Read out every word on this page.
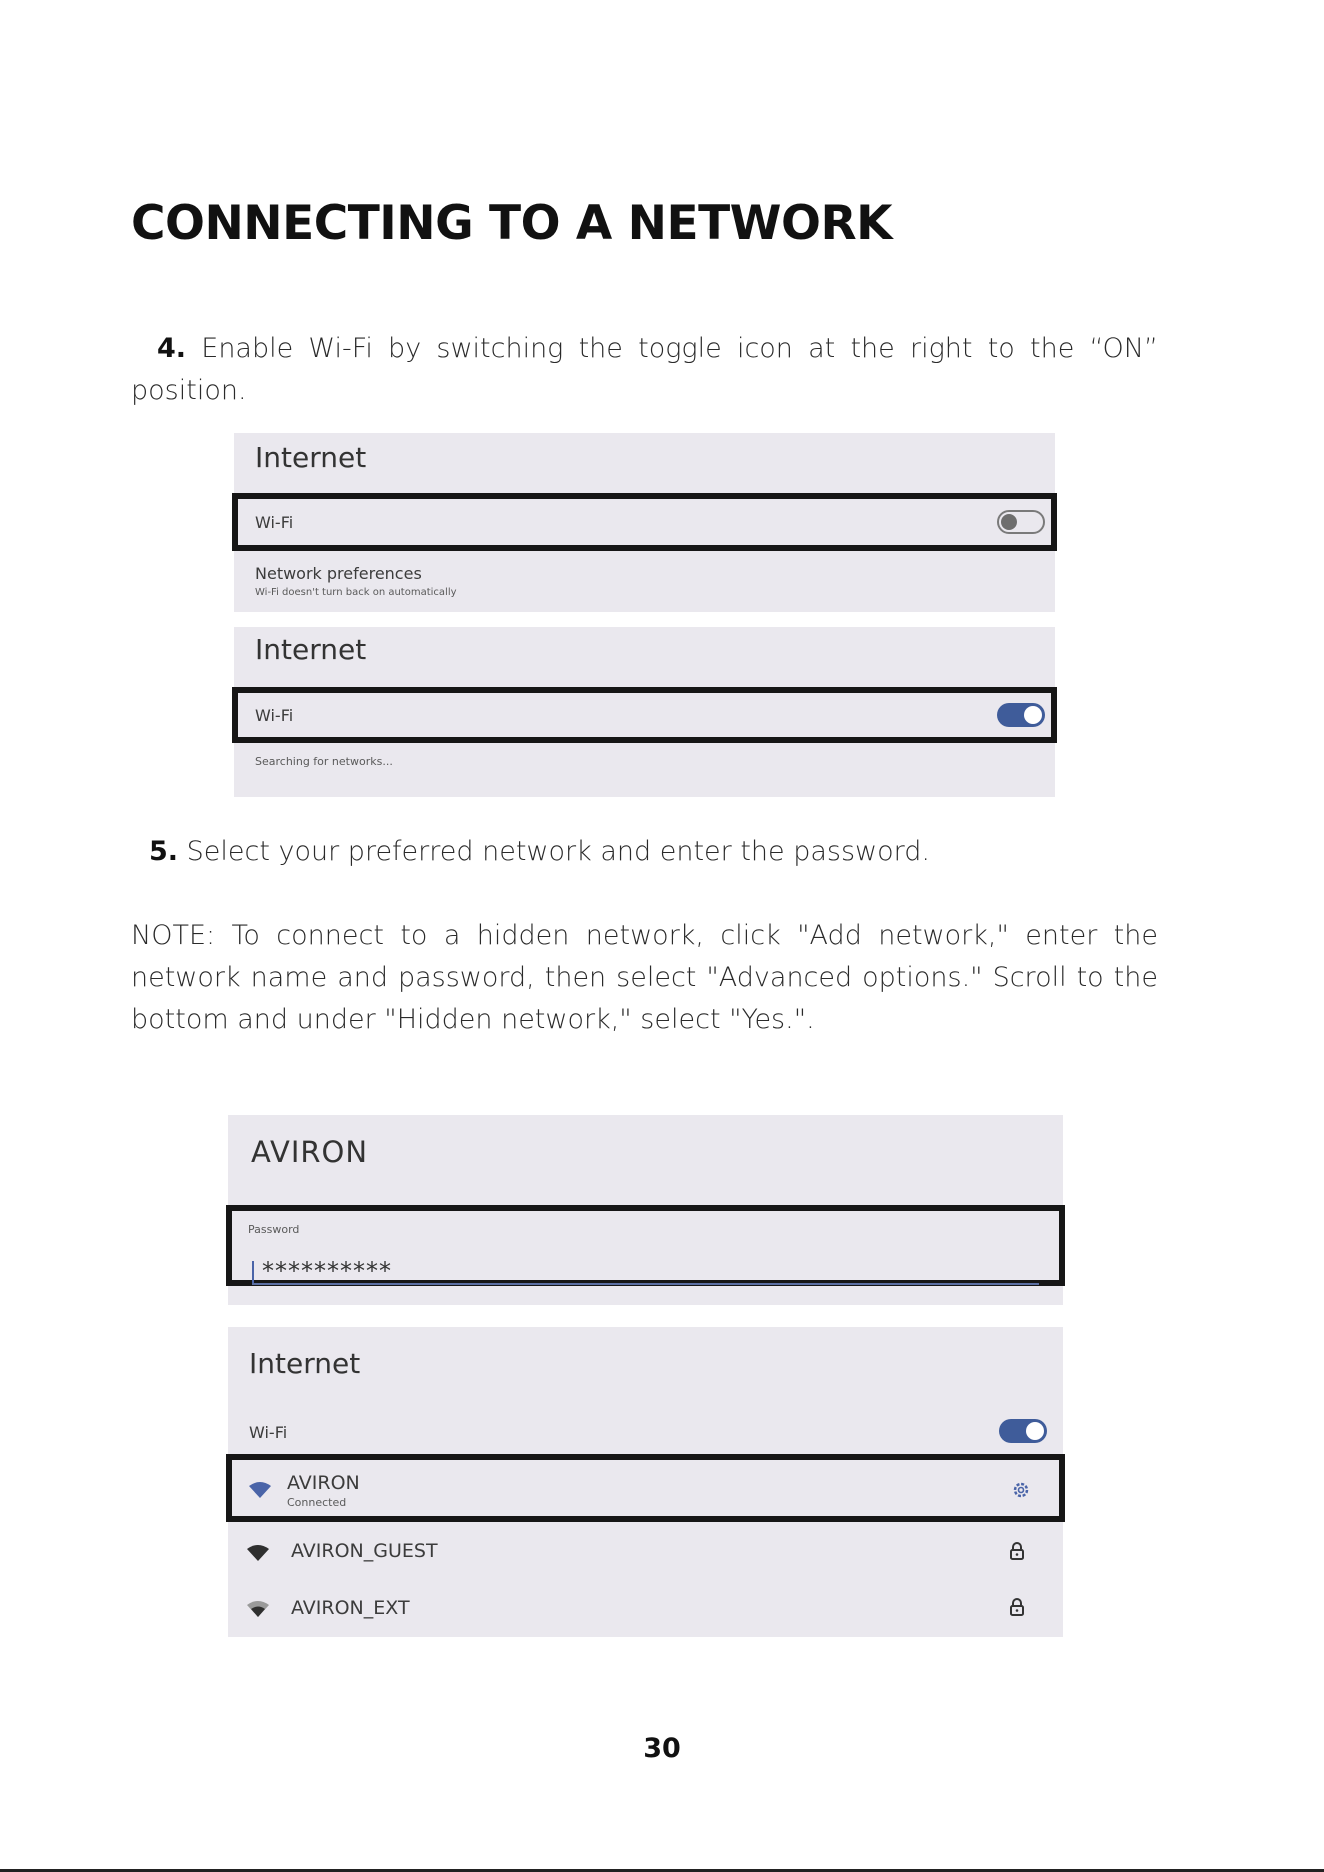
CONNECTING TO A NETWORK

4. Enable Wi-Fi by switching the toggle icon at the right to the “ON” position.

Internet
Wi-Fi
Network preferences
Wi-Fi doesn't turn back on automatically
Internet
Wi-Fi
Searching for networks...

5. Select your preferred network and enter the password.

NOTE: To connect to a hidden network, click "Add network," enter the network name and password, then select "Advanced options." Scroll to the bottom and under "Hidden network," select "Yes.".

AVIRON
Password
**********
Internet
Wi-Fi
AVIRON
Connected
AVIRON_GUEST
AVIRON_EXT

30
